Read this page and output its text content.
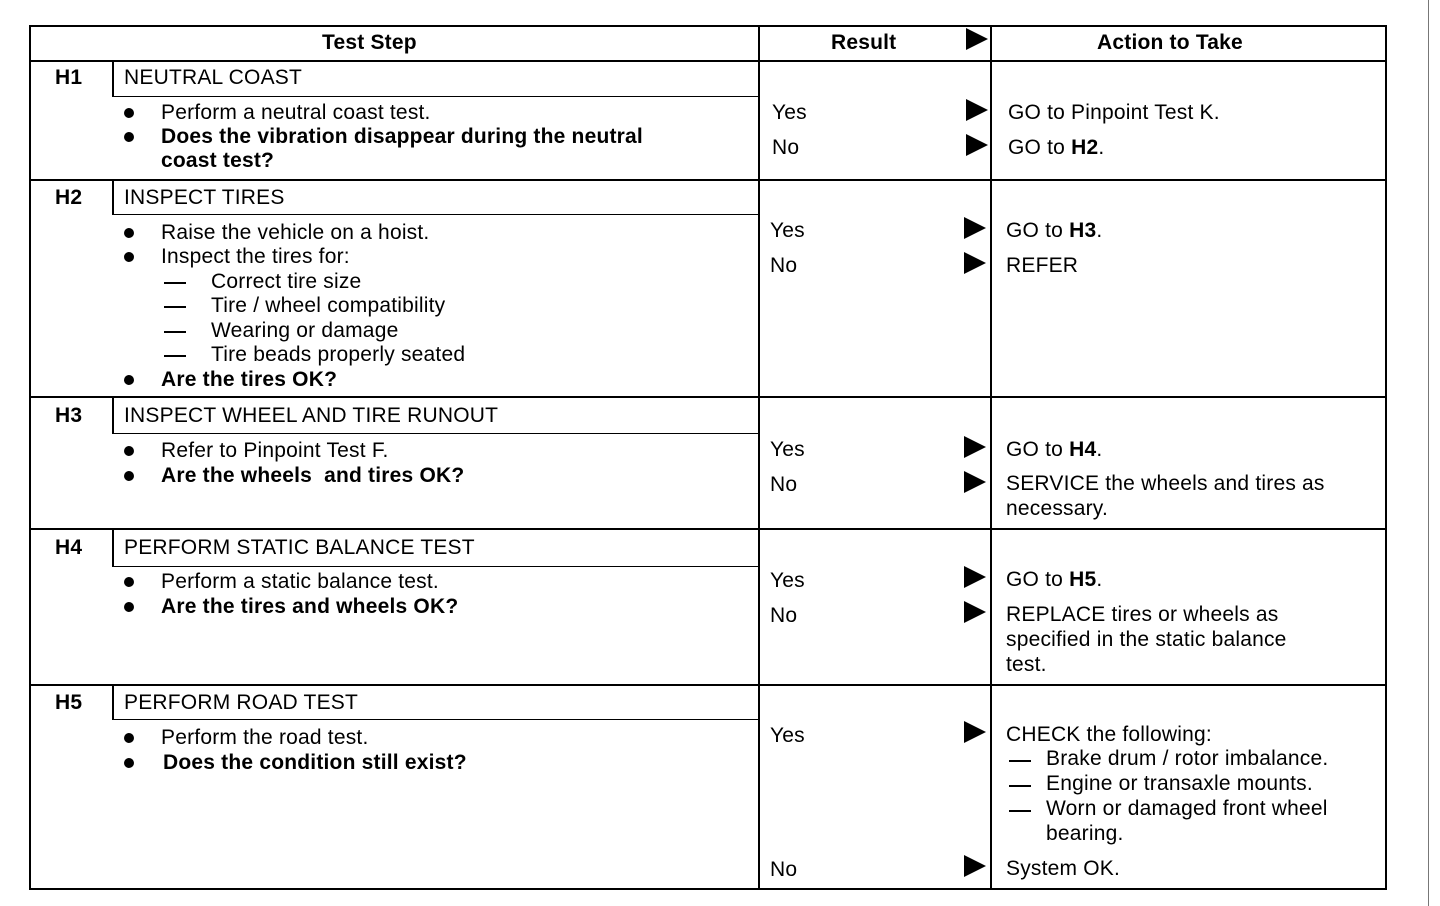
Test Step	Result	Action to Take
H1 NEUTRAL COAST
Perform a neutral coast test.
Does the vibration disappear during the neutral
coast test?
Yes
No
GO to Pinpoint Test K.
GO to H2.
H2 INSPECT TIRES
Raise the vehicle on a hoist.
Inspect the tires for:
Correct tire size
Tire / wheel compatibility
Wearing or damage
Tire beads properly seated
Are the tires OK?
Yes
No
GO to H3.
REFER
H3 INSPECT WHEEL AND TIRE RUNOUT
Refer to Pinpoint Test F.
Are the wheels  and tires OK?
Yes
No
GO to H4.
SERVICE the wheels and tires as
necessary.
H4 PERFORM STATIC BALANCE TEST
Perform a static balance test.
Are the tires and wheels OK?
Yes
No
GO to H5.
REPLACE tires or wheels as
specified in the static balance
test.
H5 PERFORM ROAD TEST
Perform the road test.
Does the condition still exist?
Yes
No
CHECK the following:
Brake drum / rotor imbalance.
Engine or transaxle mounts.
Worn or damaged front wheel
bearing.
System OK.
